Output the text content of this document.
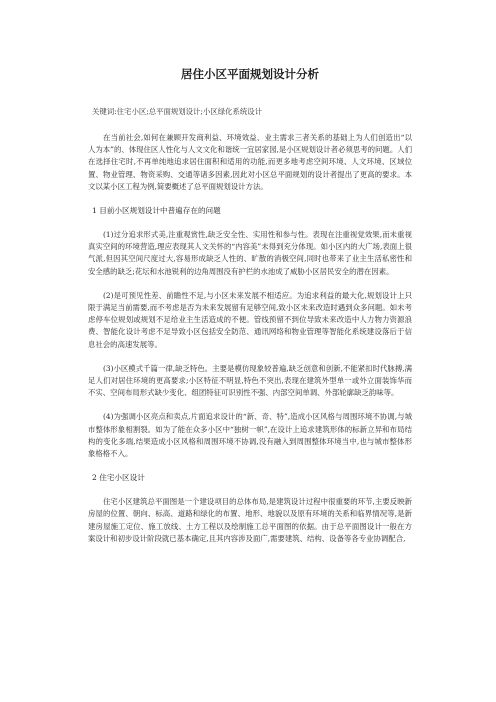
居住小区平面规划设计分析
关键词:住宅小区;总平面规划设计;小区绿化系统设计

在当前社会,如何在兼顾开发商利益、环境效益、业主需求三者关系的基础上为人们创造出“以人为本”的、体现住区人性化与人文文化和谐统一宜居家园,是小区规划设计者必须思考的问题。人们在选择住宅时,不再单纯地追求居住面积和适用的功能,而更多地考虑空间环境、人文环境、区域位置、物业管理、物资采购、交通等诸多因素,因此对小区总平面规划的设计者提出了更高的要求。本文以某小区工程为例,简要概述了总平面规划设计方法。

1 目前小区规划设计中普遍存在的问题

(1)过分追求形式美,注重观赏性,缺乏安全性、实用性和参与性。表现在注重视觉效果,而未重视真实空间的环境营造,理应表现其人文关怀的“内容美”未得到充分体现。如小区内的大广场,表面上很气派,但因其空间尺度过大,容易形成缺乏人性的、旷散的消极空间,同时也带来了业主生活私密性和安全感的缺乏;花坛和水池锐利的边角周围没有护栏的水池成了威胁小区居民安全的潜在因素。

(2)是可预见性差、前瞻性不足,与小区未来发展不相适应。为追求利益的最大化,规划设计上只限于满足当前需要,而不考虑是否为未来发展留有足够空间,致小区未来改造时遇到众多问题。如未考虑停车位规划或规划不足给业主生活造成的不便。管线预留不到位导致未来改造中人力物力资源浪费、智能化设计考虑不足导致小区包括安全防范、通讯网络和物业管理等智能化系统建设落后于信息社会的高速发展等。

(3)小区模式千篇一律,缺乏特色。主要是模仿现象较普遍,缺乏创意和创新,不能紧扣时代脉搏,满足人们对居住环境的更高要求;小区特征不明显,特色不突出,表现在建筑外型单一或外立面装饰华而不实、空间布局形式缺少变化、组团特征可识别性不强、内部空间单调、外部轮廓缺乏韵味等。

(4)为强调小区亮点和卖点,片面追求设计的“新、奇、特”,造成小区风格与周围环境不协调,与城市整体形象相割裂。如为了能在众多小区中“独树一帜”,在设计上追求建筑形体的标新立异和布局结构的变化多端,结果造成小区风格和周围环境不协调,没有融入到周围整体环境当中,也与城市整体形象格格不入。

2 住宅小区设计

住宅小区建筑总平面图是一个建设项目的总体布局,是建筑设计过程中很重要的环节,主要反映新房屋的位置、朝向、标高、道路和绿化的布置、地形、地貌以及原有环境的关系和临界情况等,是新建房屋施工定位、施工放线、土方工程以及绘制施工总平面图的依据。由于总平面图设计一般在方案设计和初步设计阶段就已基本确定,且其内容涉及面广,需要建筑、结构、设备等各专业协调配合,
